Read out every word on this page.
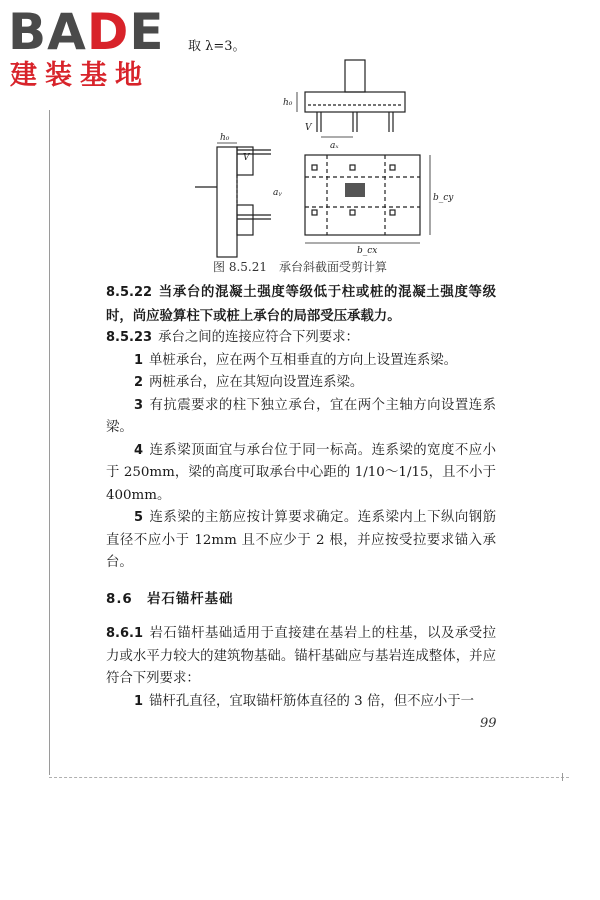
BADE
建装基地
取 λ=3。
h₀
V
aₓ
h₀
V
aᵧ	b_cy
b_cx
图 8.5.21　承台斜截面受剪计算

8.5.22 当承台的混凝土强度等级低于柱或桩的混凝土强度等级时，尚应验算柱下或桩上承台的局部受压承载力。

8.5.23 承台之间的连接应符合下列要求：

1 单桩承台，应在两个互相垂直的方向上设置连系梁。

2 两桩承台，应在其短向设置连系梁。

3 有抗震要求的柱下独立承台，宜在两个主轴方向设置连系梁。

4 连系梁顶面宜与承台位于同一标高。连系梁的宽度不应小于 250mm，梁的高度可取承台中心距的 1/10～1/15，且不小于 400mm。

5 连系梁的主筋应按计算要求确定。连系梁内上下纵向钢筋直径不应小于 12mm 且不应少于 2 根，并应按受拉要求锚入承台。

8.6　 岩石锚杆基础

8.6.1 岩石锚杆基础适用于直接建在基岩上的柱基，以及承受拉力或水平力较大的建筑物基础。锚杆基础应与基岩连成整体，并应符合下列要求：

1 锚杆孔直径，宜取锚杆筋体直径的 3 倍，但不应小于一

99
